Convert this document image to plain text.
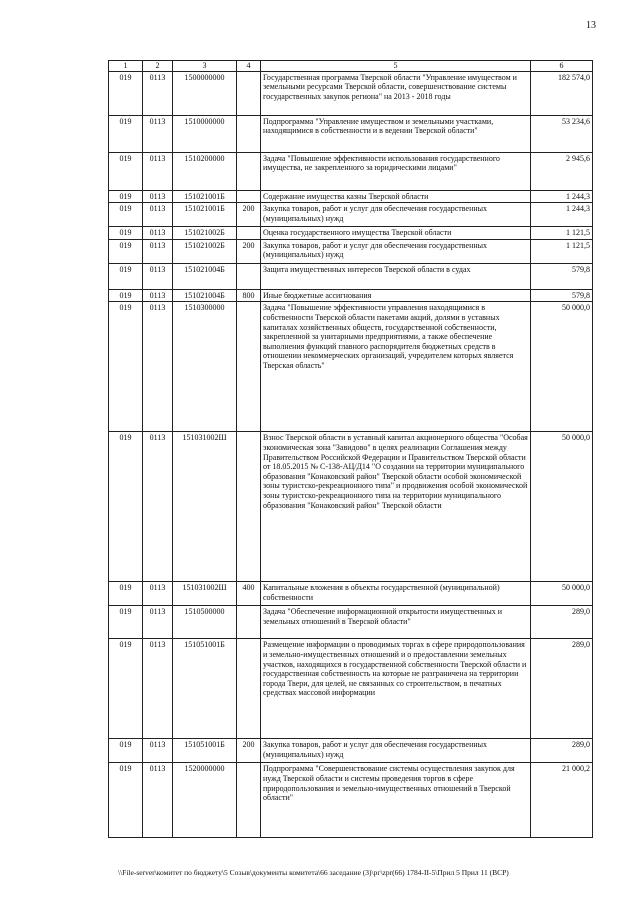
13
1	2	3	4	5	6
019	0113	1500000000		Государственная программа Тверской области "Управление имуществом и земельными ресурсами Тверской области, совершенствование системы государственных закупок региона" на 2013 - 2018 годы	182 574,0
019	0113	1510000000		Подпрограмма "Управление имуществом и земельными участками, находящимися в собственности и в ведении Тверской области"	53 234,6
019	0113	1510200000		Задача "Повышение эффективности использования государственного имущества, не закрепленного за юридическими лицами"	2 945,6
019	0113	151021001Б		Содержание имущества казны Тверской области	1 244,3
019	0113	151021001Б	200	Закупка товаров, работ и услуг для обеспечения государственных (муниципальных) нужд	1 244,3
019	0113	151021002Б		Оценка государственного имущества Тверской области	1 121,5
019	0113	151021002Б	200	Закупка товаров, работ и услуг для обеспечения государственных (муниципальных) нужд	1 121,5
019	0113	151021004Б		Защита имущественных интересов Тверской области в судах	579,8
019	0113	151021004Б	800	Иные бюджетные ассигнования	579,8
019	0113	1510300000		Задача "Повышение эффективности управления находящимися в собственности Тверской области пакетами акций, долями в уставных капиталах хозяйственных обществ, государственной собственности, закрепленной за унитарными предприятиями, а также обеспечение выполнения функций главного распорядителя бюджетных средств в отношении некоммерческих организаций, учредителем которых является Тверская область"	50 000,0
019	0113	151031002Ш		Взнос Тверской области в уставный капитал акционерного общества "Особая экономическая зона "Завидово" в целях реализации Соглашения между Правительством Российской Федерации и Правительством Тверской области от 18.05.2015 № С-138-АЦ/Д14 "О создании на территории муниципального образования "Конаковский район" Тверской области особой экономической зоны туристско-рекреационного типа" и продвижения особой экономической зоны туристско-рекреационного типа на территории муниципального образования "Конаковский район" Тверской области	50 000,0
019	0113	151031002Ш	400	Капитальные вложения в объекты государственной (муниципальной) собственности	50 000,0
019	0113	1510500000		Задача "Обеспечение информационной открытости имущественных и земельных отношений в Тверской области"	289,0
019	0113	151051001Б		Размещение информации о проводимых торгах в сфере природопользования и земельно-имущественных отношений и о предоставлении земельных участков, находящихся в государственной собственности Тверской области и государственная собственность на которые не разграничена на территории города Твери, для целей, не связанных со строительством, в печатных средствах массовой информации	289,0
019	0113	151051001Б	200	Закупка товаров, работ и услуг для обеспечения государственных (муниципальных) нужд	289,0
019	0113	1520000000		Подпрограмма "Совершенствование системы осуществления закупок для нужд Тверской области и системы проведения торгов в сфере природопользования и земельно-имущественных отношений в Тверской области"	21 000,2
\\File-server\комитет по бюджету\5 Созыв\документы комитета\66 заседание (3)\рг\zpr(66) 1784-II-5\Прил 5 Прил 11 (ВСР)
